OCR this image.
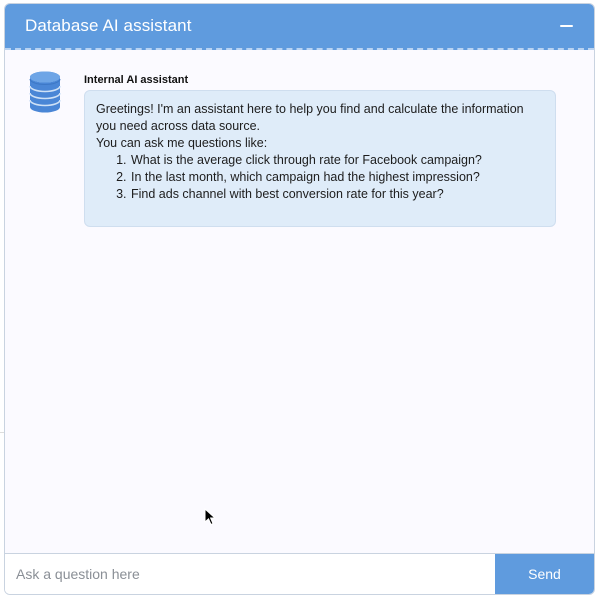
Database AI assistant
Internal AI assistant

Greetings! I'm an assistant here to help you find and calculate the information you need across data source.

You can ask me questions like:

1. What is the average click through rate for Facebook campaign?
2. In the last month, which campaign had the highest impression?
3. Find ads channel with best conversion rate for this year?
Ask a question here
Send
